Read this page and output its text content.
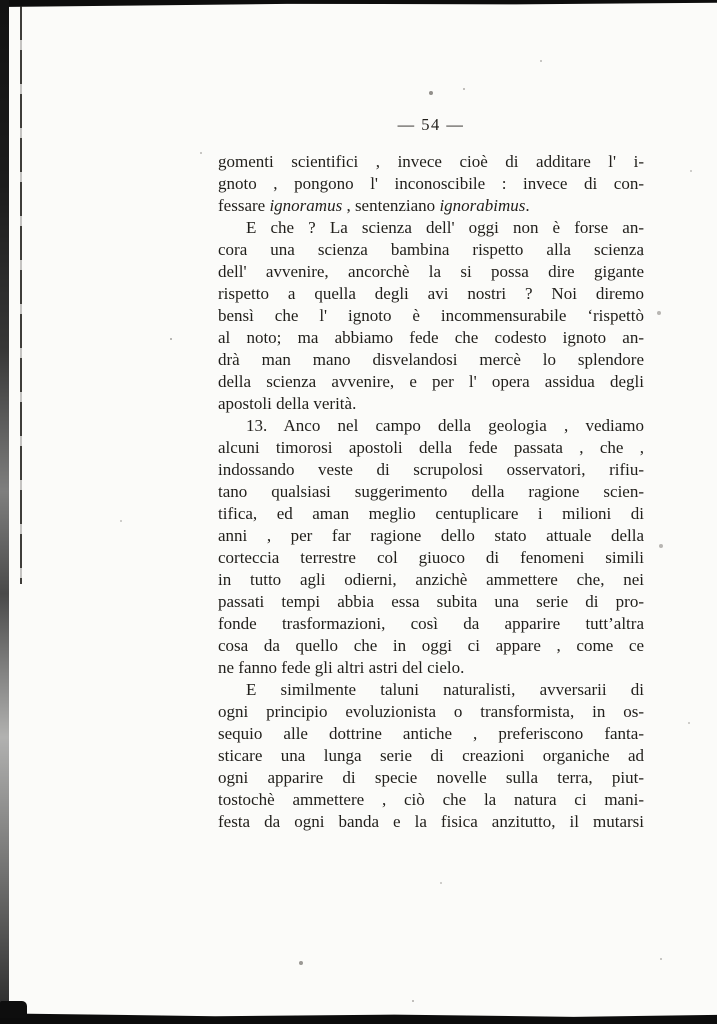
— 54 —
gomenti scientifici , invece cioè di additare l' i-
gnoto , pongono l' inconoscibile : invece di con-
fessare ignoramus , sentenziano ignorabimus.
E che ? La scienza dell' oggi non è forse an-
cora una scienza bambina rispetto alla scienza
dell' avvenire, ancorchè la si possa dire gigante
rispetto a quella degli avi nostri ? Noi diremo
bensì che l' ignoto è incommensurabile ‘rispettò
al noto; ma abbiamo fede che codesto ignoto an-
drà man mano disvelandosi mercè lo splendore
della scienza avvenire, e per l' opera assidua degli
apostoli della verità.
13. Anco nel campo della geologia , vediamo
alcuni timorosi apostoli della fede passata , che ,
indossando veste di scrupolosi osservatori, rifiu-
tano qualsiasi suggerimento della ragione scien-
tifica, ed aman meglio centuplicare i milioni di
anni , per far ragione dello stato attuale della
corteccia terrestre col giuoco di fenomeni simili
in tutto agli odierni, anzichè ammettere che, nei
passati tempi abbia essa subita una serie di pro-
fonde trasformazioni, così da apparire tutt’altra
cosa da quello che in oggi ci appare , come ce
ne fanno fede gli altri astri del cielo.
E similmente taluni naturalisti, avversarii di
ogni principio evoluzionista o transformista, in os-
sequio alle dottrine antiche , preferiscono fanta-
sticare una lunga serie di creazioni organiche ad
ogni apparire di specie novelle sulla terra, piut-
tostochè ammettere , ciò che la natura ci mani-
festa da ogni banda e la fisica anzitutto, il mutarsi
